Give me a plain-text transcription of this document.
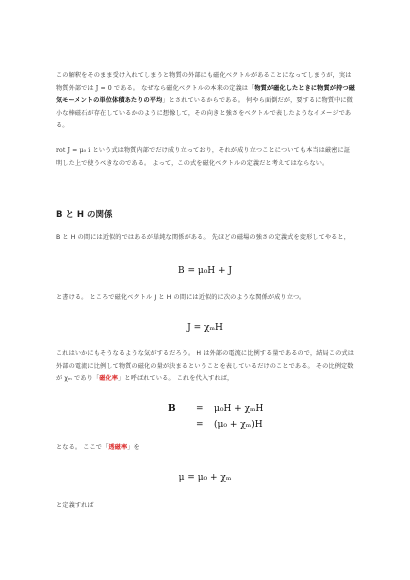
この解釈をそのまま受け入れてしまうと物質の外部にも磁化ベクトルがあることになってしまうが，実は物質外部では J = 0 である。 なぜなら磁化ベクトルの本来の定義は「物質が磁化したときに物質が持つ磁気モーメントの単位体積あたりの平均」とされているからである。 何やら面倒だが，要するに物質中に微小な棒磁石が存在しているかのように想像して，その向きと強さをベクトルで表したようなイメージである。
rot J = μ₀ i という式は物質内部でだけ成り立っており，それが成り立つことについても本当は厳密に証明した上で使うべきなのである。 よって，この式を磁化ベクトルの定義だと考えてはならない。
B と H の関係
B と H の間には近似的ではあるが単純な関係がある。 先ほどの磁場の強さの定義式を変形してやると，
B = μ₀H + J
と書ける。 ところで磁化ベクトル J と H の間には近似的に次のような関係が成り立つ。
J = χₘH
これはいかにもそうなるような気がするだろう。 H は外部の電流に比例する量であるので，結局この式は外部の電流に比例して物質の磁化の量が決まるということを表しているだけのことである。 その比例定数が χₘ であり「磁化率」と呼ばれている。 これを代入すれば，
B = μ₀H + χₘH
= (μ₀ + χₘ)H
となる。 ここで「透磁率」を
μ = μ₀ + χₘ
と定義すれば
